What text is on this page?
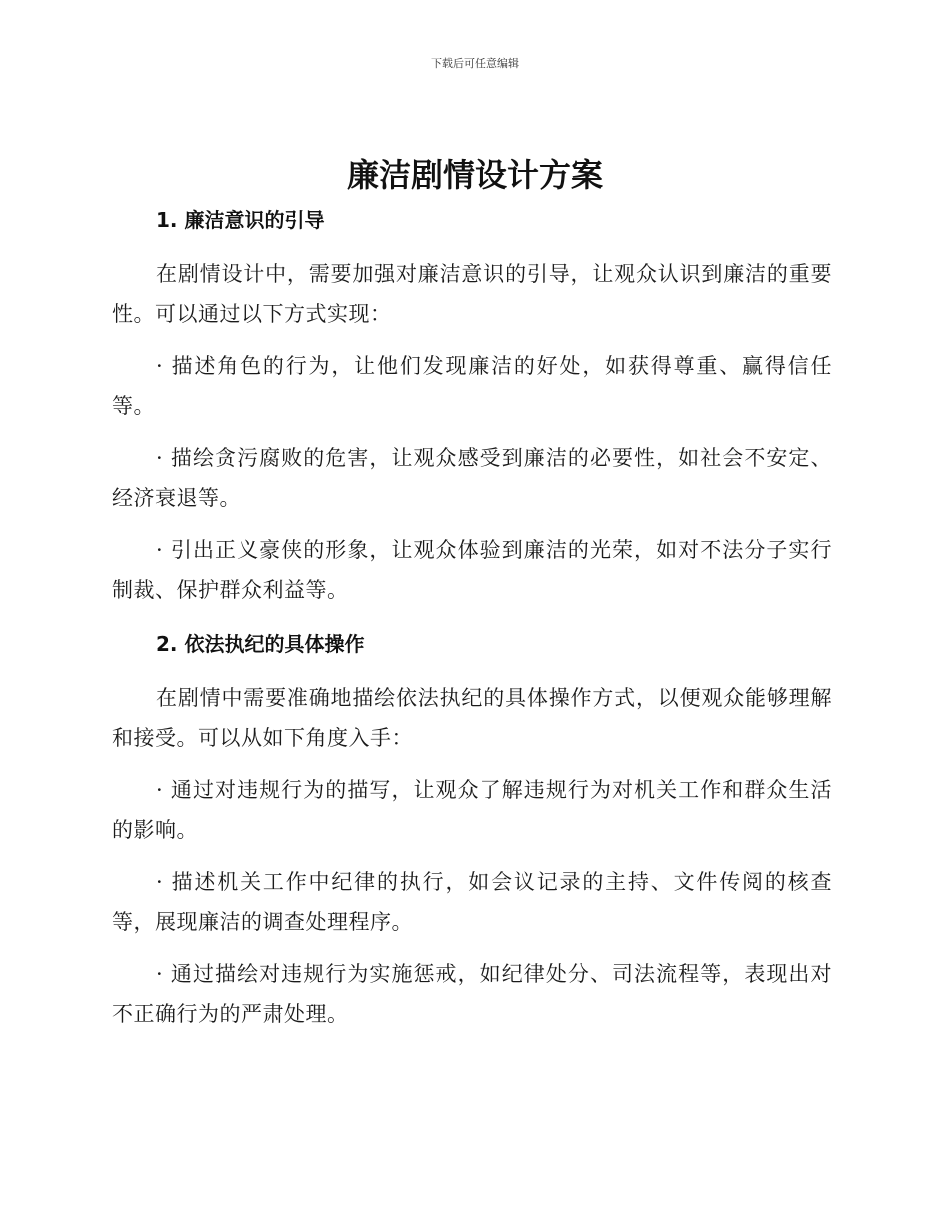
下载后可任意编辑
廉洁剧情设计方案
1. 廉洁意识的引导

在剧情设计中，需要加强对廉洁意识的引导，让观众认识到廉洁的重要性。可以通过以下方式实现：

· 描述角色的行为，让他们发现廉洁的好处，如获得尊重、赢得信任等。

· 描绘贪污腐败的危害，让观众感受到廉洁的必要性，如社会不安定、经济衰退等。

· 引出正义豪侠的形象，让观众体验到廉洁的光荣，如对不法分子实行制裁、保护群众利益等。

2. 依法执纪的具体操作

在剧情中需要准确地描绘依法执纪的具体操作方式，以便观众能够理解和接受。可以从如下角度入手：

· 通过对违规行为的描写，让观众了解违规行为对机关工作和群众生活的影响。

· 描述机关工作中纪律的执行，如会议记录的主持、文件传阅的核查等，展现廉洁的调查处理程序。

· 通过描绘对违规行为实施惩戒，如纪律处分、司法流程等，表现出对不正确行为的严肃处理。
